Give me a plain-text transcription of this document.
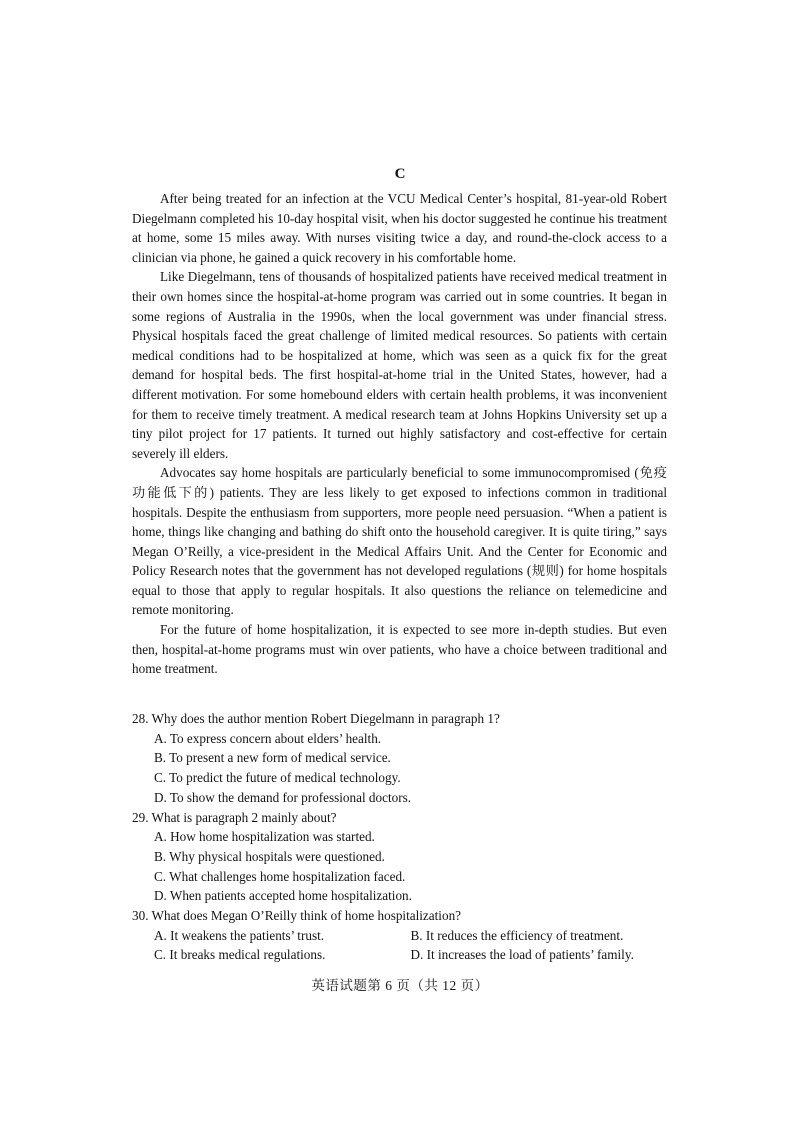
C

After being treated for an infection at the VCU Medical Center’s hospital, 81-year-old Robert Diegelmann completed his 10-day hospital visit, when his doctor suggested he continue his treatment at home, some 15 miles away. With nurses visiting twice a day, and round-the-clock access to a clinician via phone, he gained a quick recovery in his comfortable home.

Like Diegelmann, tens of thousands of hospitalized patients have received medical treatment in their own homes since the hospital-at-home program was carried out in some countries. It began in some regions of Australia in the 1990s, when the local government was under financial stress. Physical hospitals faced the great challenge of limited medical resources. So patients with certain medical conditions had to be hospitalized at home, which was seen as a quick fix for the great demand for hospital beds. The first hospital-at-home trial in the United States, however, had a different motivation. For some homebound elders with certain health problems, it was inconvenient for them to receive timely treatment. A medical research team at Johns Hopkins University set up a tiny pilot project for 17 patients. It turned out highly satisfactory and cost-effective for certain severely ill elders.

Advocates say home hospitals are particularly beneficial to some immunocompromised (免疫功能低下的) patients. They are less likely to get exposed to infections common in traditional hospitals. Despite the enthusiasm from supporters, more people need persuasion. “When a patient is home, things like changing and bathing do shift onto the household caregiver. It is quite tiring,” says Megan O’Reilly, a vice-president in the Medical Affairs Unit. And the Center for Economic and Policy Research notes that the government has not developed regulations (规则) for home hospitals equal to those that apply to regular hospitals. It also questions the reliance on telemedicine and remote monitoring.

For the future of home hospitalization, it is expected to see more in-depth studies. But even then, hospital-at-home programs must win over patients, who have a choice between traditional and home treatment.

28. Why does the author mention Robert Diegelmann in paragraph 1?
A. To express concern about elders’ health.
B. To present a new form of medical service.
C. To predict the future of medical technology.
D. To show the demand for professional doctors.
29. What is paragraph 2 mainly about?
A. How home hospitalization was started.
B. Why physical hospitals were questioned.
C. What challenges home hospitalization faced.
D. When patients accepted home hospitalization.
30. What does Megan O’Reilly think of home hospitalization?
A. It weakens the patients’ trust.	B. It reduces the efficiency of treatment.
C. It breaks medical regulations.	D. It increases the load of patients’ family.
英语试题第 6 页（共 12 页）
